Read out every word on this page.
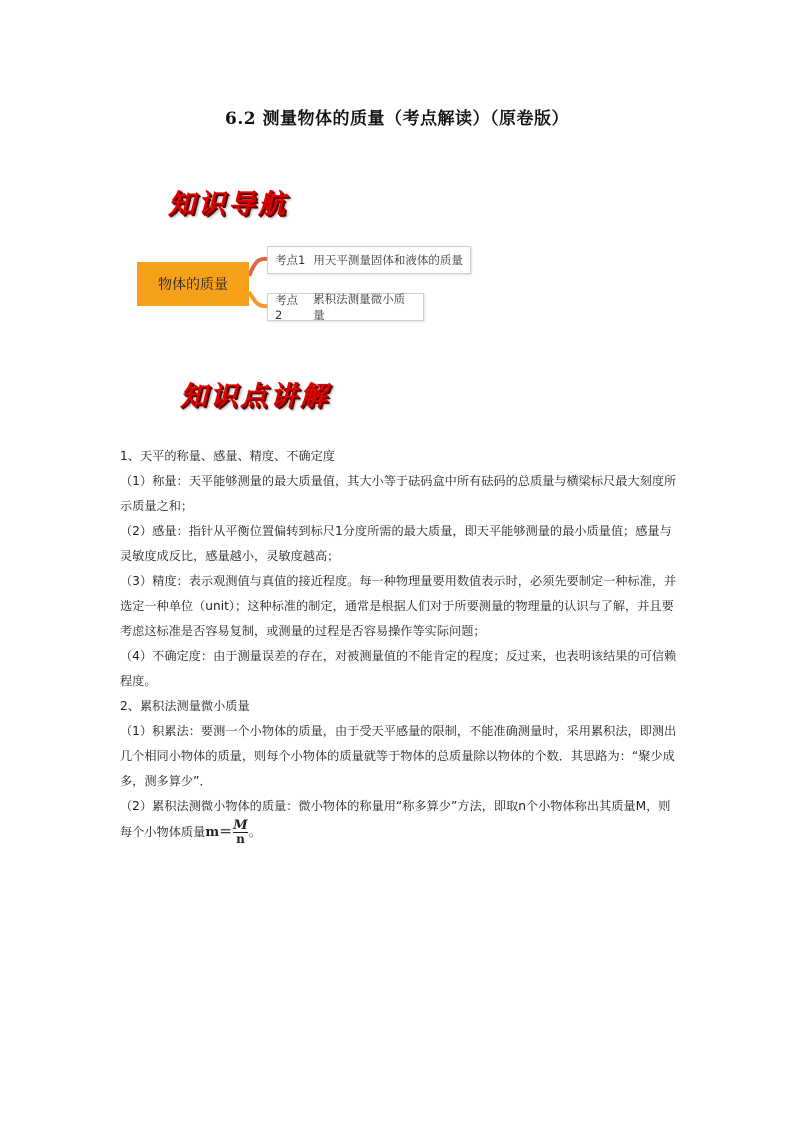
6.2 测量物体的质量（考点解读）（原卷版）
知识导航
物体的质量
考点1 用天平测量固体和液体的质量
考点2
累积法测量微小质量
知识点讲解

1、天平的称量、感量、精度、不确定度

（1）称量：天平能够测量的最大质量值，其大小等于砝码盒中所有砝码的总质量与横梁标尺最大刻度所示质量之和；

（2）感量：指针从平衡位置偏转到标尺1分度所需的最大质量，即天平能够测量的最小质量值；感量与灵敏度成反比，感量越小，灵敏度越高；

（3）精度：表示观测值与真值的接近程度。每一种物理量要用数值表示时，必须先要制定一种标准，并选定一种单位（unit）；这种标准的制定，通常是根据人们对于所要测量的物理量的认识与了解，并且要考虑这标准是否容易复制，或测量的过程是否容易操作等实际问题；

（4）不确定度：由于测量误差的存在，对被测量值的不能肯定的程度；反过来，也表明该结果的可信赖程度。

2、累积法测量微小质量

（1）积累法：要测一个小物体的质量，由于受天平感量的限制，不能准确测量时，采用累积法，即测出几个相同小物体的质量，则每个小物体的质量就等于物体的总质量除以物体的个数．其思路为：“聚少成多，测多算少”．

（2）累积法测微小物体的质量：微小物体的称量用“称多算少”方法，即取n个小物体称出其质量M，则每个小物体质量$m= \frac{M}{n}$ 。
